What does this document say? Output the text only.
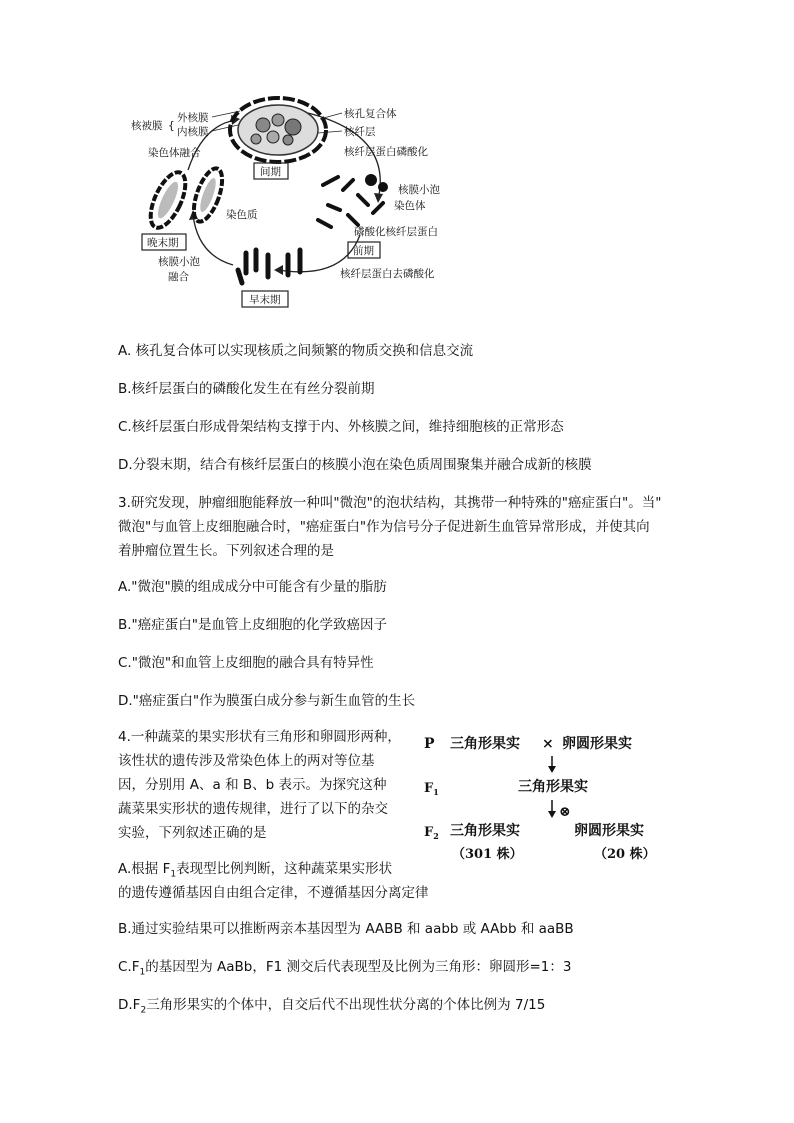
间期
前期
早末期
晚末期
核被膜 {
外核膜
内核膜
染色体融合
核孔复合体
核纤层
核纤层蛋白磷酸化
核膜小泡
染色体
磷酸化核纤层蛋白
染色质
核膜小泡
融合	核纤层蛋白去磷酸化
A. 核孔复合体可以实现核质之间频繁的物质交换和信息交流
B.核纤层蛋白的磷酸化发生在有丝分裂前期
C.核纤层蛋白形成骨架结构支撑于内、外核膜之间，维持细胞核的正常形态
D.分裂末期，结合有核纤层蛋白的核膜小泡在染色质周围聚集并融合成新的核膜
3.研究发现，肿瘤细胞能释放一种叫"微泡"的泡状结构，其携带一种特殊的"癌症蛋白"。当"
微泡"与血管上皮细胞融合时，"癌症蛋白"作为信号分子促进新生血管异常形成，并使其向
着肿瘤位置生长。下列叙述合理的是
A."微泡"膜的组成成分中可能含有少量的脂肪
B."癌症蛋白"是血管上皮细胞的化学致癌因子
C."微泡"和血管上皮细胞的融合具有特异性
D."癌症蛋白"作为膜蛋白成分参与新生血管的生长
4.一种蔬菜的果实形状有三角形和卵圆形两种，
该性状的遗传涉及常染色体上的两对等位基
因，分别用 A、a 和 B、b 表示。为探究这种
蔬菜果实形状的遗传规律，进行了以下的杂交
实验，下列叙述正确的是
A.根据 $F_1$表现型比例判断，这种蔬菜果实形状
的遗传遵循基因自由组合定律，不遵循基因分离定律
B.通过实验结果可以推断两亲本基因型为 AABB 和 aabb 或 AAbb 和 aaBB
$C.F_1$的基因型为 AaBb，F1 测交后代表现型及比例为三角形：卵圆形=1：3
$D.F_2$三角形果实的个体中，自交后代不出现性状分离的个体比例为 7/15
P 三角形果实 × 卵圆形果实
$F_1$	三角形果实
⊗
$F_2$ 三角形果实	卵圆形果实
（301 株）	（20 株）
